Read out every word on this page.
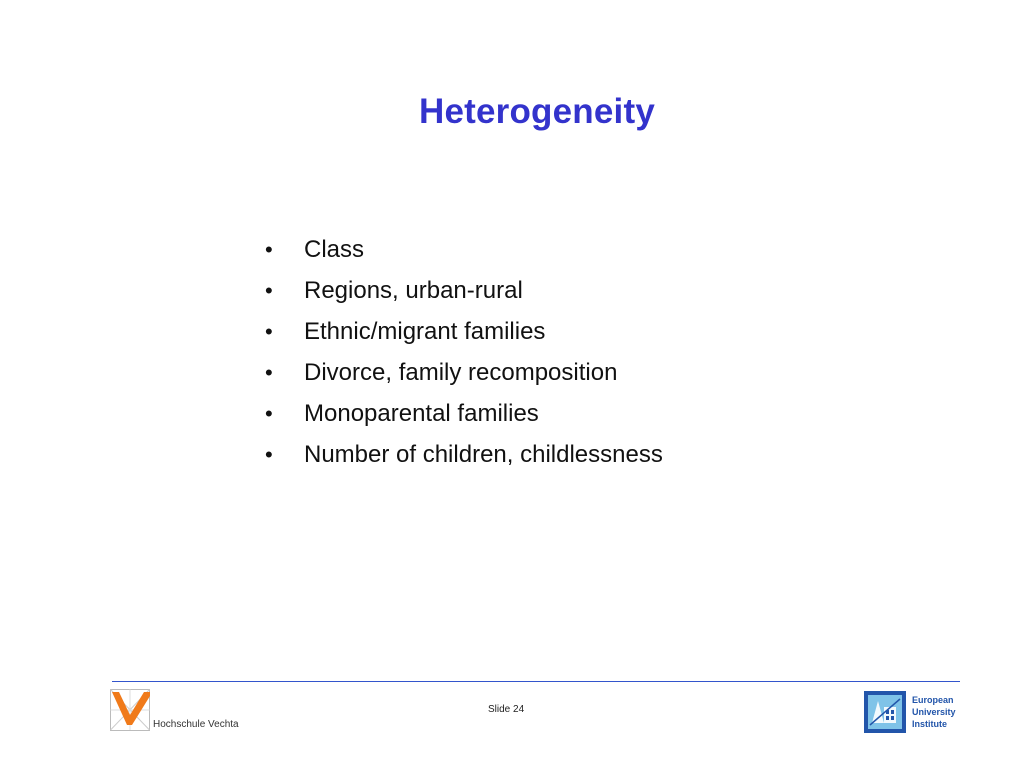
Heterogeneity
•	Class
•	Regions, urban-rural
•	Ethnic/migrant families
•	Divorce, family recomposition
•	Monoparental families
•	Number of children, childlessness
Hochschule Vechta
Slide 24
European
University
Institute
